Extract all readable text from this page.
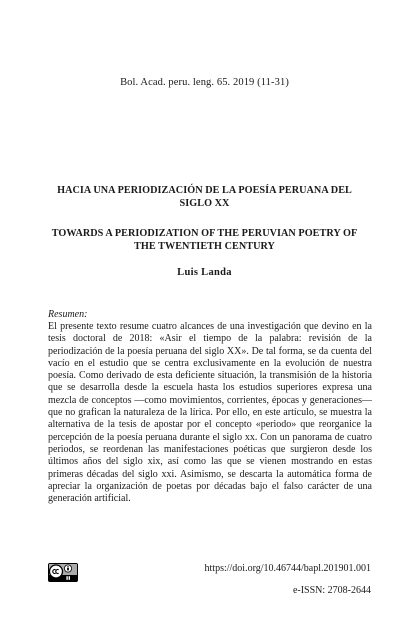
Bol. Acad. peru. leng. 65. 2019 (11-31)
HACIA UNA PERIODIZACIÓN DE LA POESÍA PERUANA DEL SIGLO XX
TOWARDS A PERIODIZATION OF THE PERUVIAN POETRY OF THE TWENTIETH CENTURY
Luis Landa
Resumen:
El presente texto resume cuatro alcances de una investigación que devino en la tesis doctoral de 2018: «Asir el tiempo de la palabra: revisión de la periodización de la poesía peruana del siglo XX». De tal forma, se da cuenta del vacío en el estudio que se centra exclusivamente en la evolución de nuestra poesía. Como derivado de esta deficiente situación, la transmisión de la historia que se desarrolla desde la escuela hasta los estudios superiores expresa una mezcla de conceptos —como movimientos, corrientes, épocas y generaciones— que no grafican la naturaleza de la lírica. Por ello, en este artículo, se muestra la alternativa de la tesis de apostar por el concepto «periodo» que reorganice la percepción de la poesía peruana durante el siglo xx. Con un panorama de cuatro periodos, se reordenan las manifestaciones poéticas que surgieron desde los últimos años del siglo xix, así como las que se vienen mostrando en estas primeras décadas del siglo xxi. Asimismo, se descarta la automática forma de apreciar la organización de poetas por décadas bajo el falso carácter de una generación artificial.
https://doi.org/10.46744/bapl.201901.001
e-ISSN: 2708-2644
